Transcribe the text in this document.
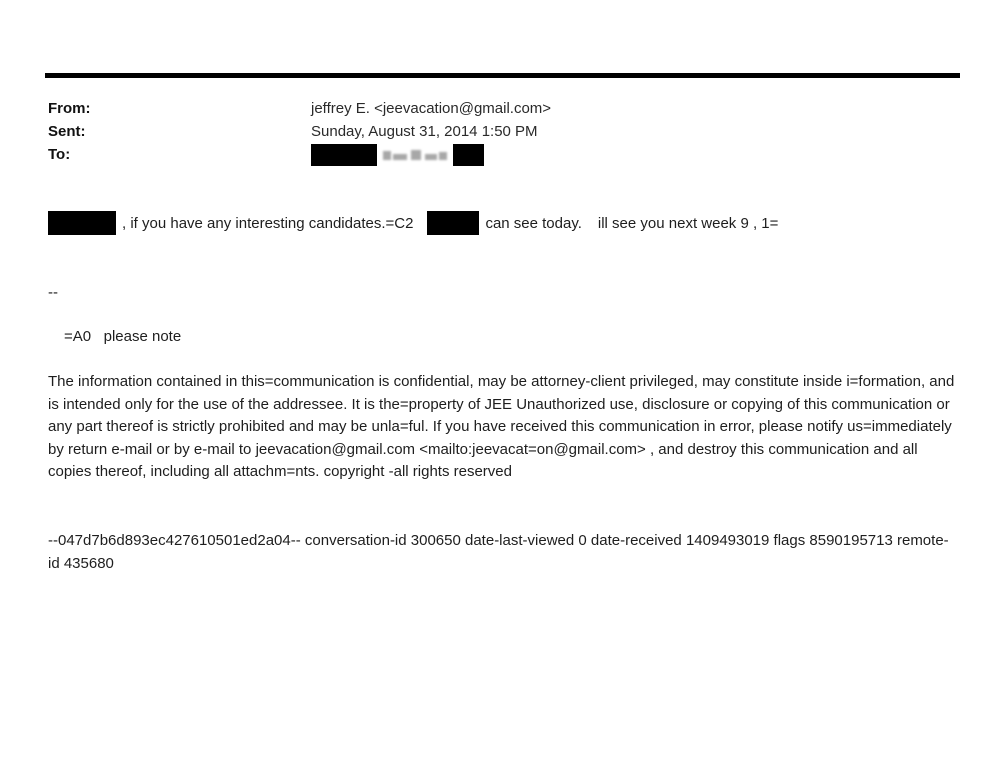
From:	jeffrey E. <jeevacation@gmail.com>
Sent:	Sunday, August 31, 2014 1:50 PM
To:
, if you have any interesting candidates.=C2	can see today. ill see you next week 9 , 1=
--
=A0   please note
The information contained in this=communication is confidential, may be attorney-client privileged, may constitute inside i=formation, and is intended only for the use of the addressee. It is the=property of JEE Unauthorized use, disclosure or copying of this communication or any part thereof is strictly prohibited and may be unla=ful. If you have received this communication in error, please notify us=immediately by return e-mail or by e-mail to jeevacation@gmail.com <mailto:jeevacat=on@gmail.com> , and destroy this communication and all copies thereof, including all attachm=nts. copyright -all rights reserved
--047d7b6d893ec427610501ed2a04-- conversation-id 300650 date-last-viewed 0 date-received 1409493019 flags 8590195713 remote-id 435680
